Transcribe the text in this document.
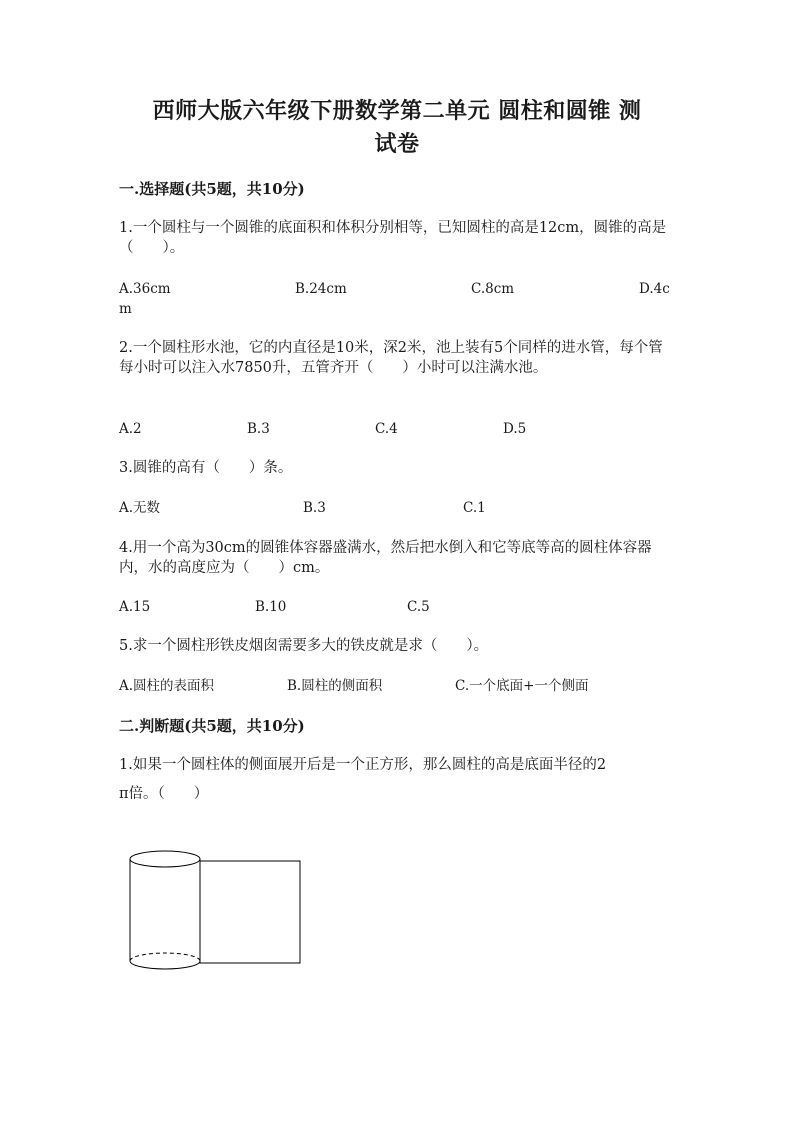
西师大版六年级下册数学第二单元 圆柱和圆锥 测
试卷
一.选择题(共5题，共10分)
1.一个圆柱与一个圆锥的底面积和体积分别相等，已知圆柱的高是12cm，圆锥的高是（　　）。
A.36cm	B.24cm	C.8cm	D.4c
m
2.一个圆柱形水池，它的内直径是10米，深2米，池上装有5个同样的进水管，每个管每小时可以注入水7850升，五管齐开（　　）小时可以注满水池。
A.2	B.3	C.4	D.5
3.圆锥的高有（　　）条。
A.无数	B.3	C.1
4.用一个高为30cm的圆锥体容器盛满水，然后把水倒入和它等底等高的圆柱体容器内，水的高度应为（　　）cm。
A.15	B.10	C.5
5.求一个圆柱形铁皮烟囱需要多大的铁皮就是求（　　）。
A.圆柱的表面积	B.圆柱的侧面积	C.一个底面+一个侧面
二.判断题(共5题，共10分)
1.如果一个圆柱体的侧面展开后是一个正方形，那么圆柱的高是底面半径的2
π倍。（　　）
